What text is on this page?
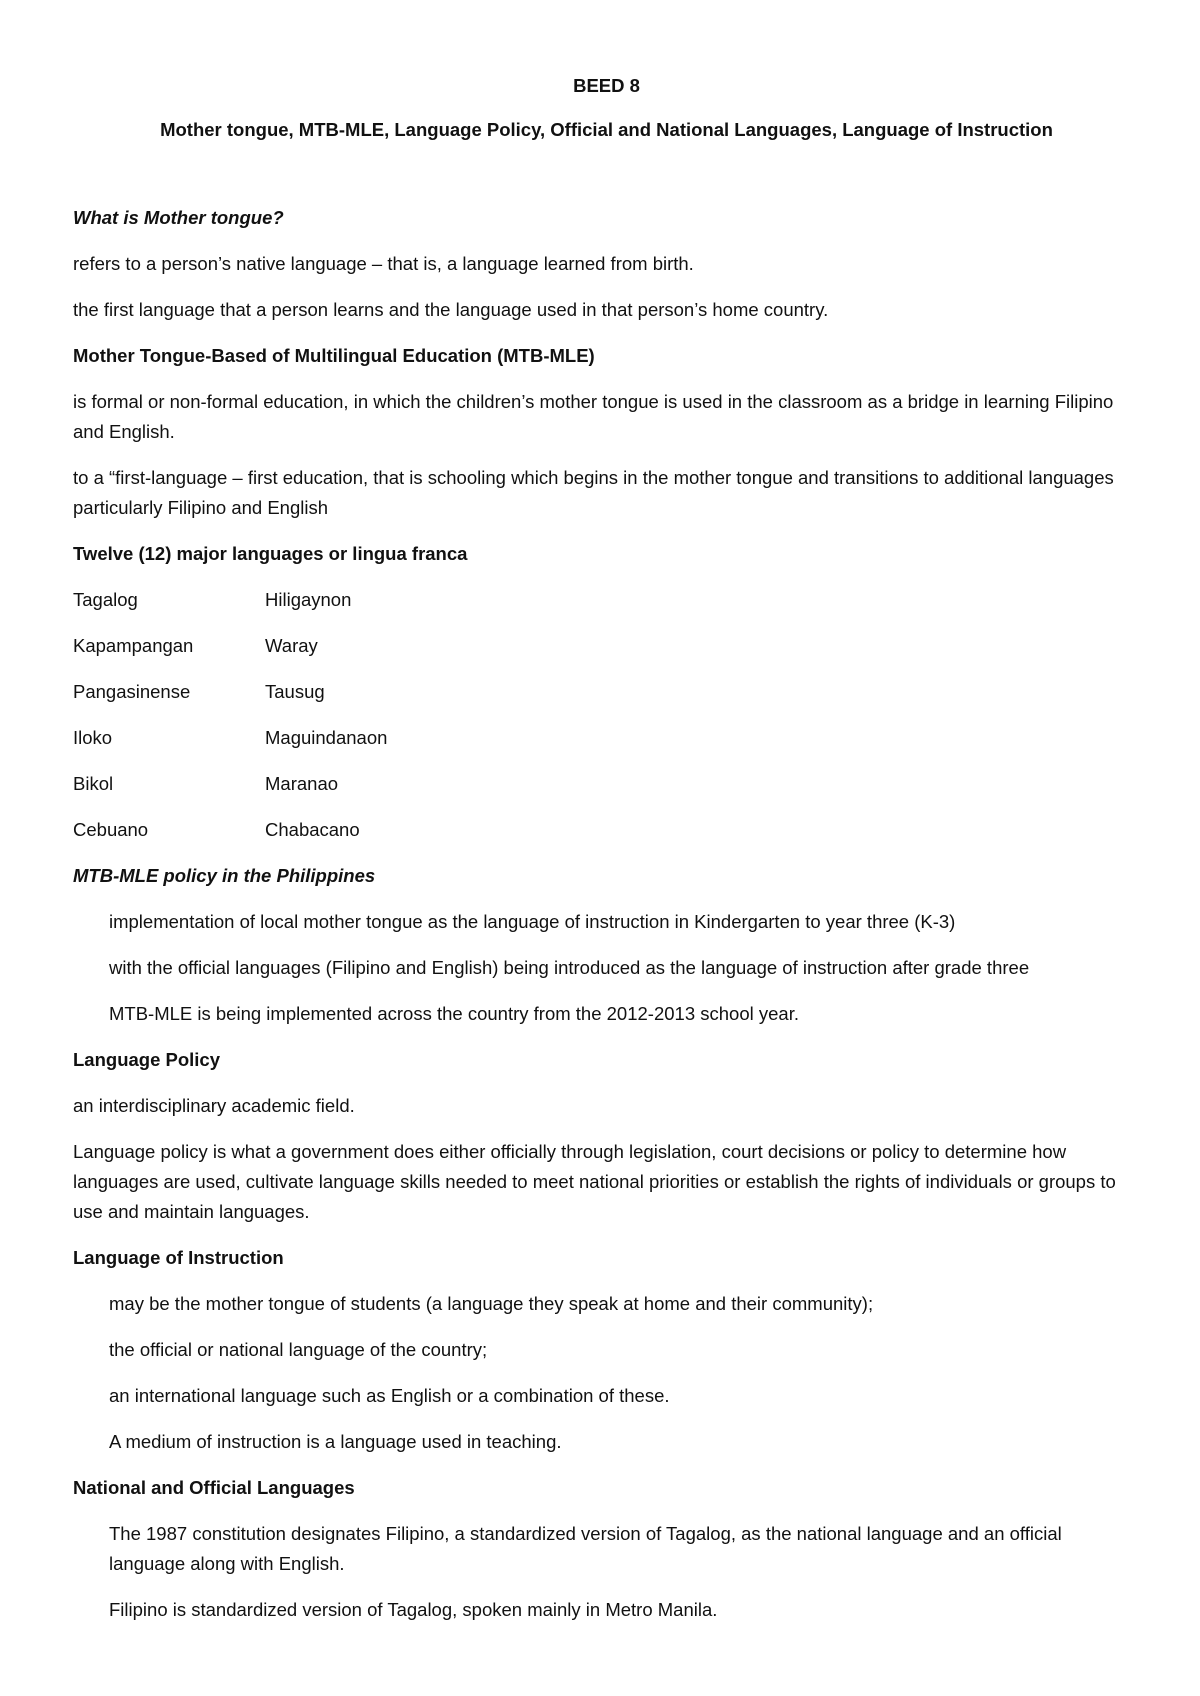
BEED 8

Mother tongue, MTB-MLE, Language Policy, Official and National Languages, Language of Instruction

What is Mother tongue?

refers to a person’s native language – that is, a language learned from birth.

the first language that a person learns and the language used in that person’s home country.

Mother Tongue-Based of Multilingual Education (MTB-MLE)

is formal or non-formal education, in which the children’s mother tongue is used in the classroom as a bridge in learning Filipino and English.

to a “first-language – first education, that is schooling which begins in the mother tongue and transitions to additional languages particularly Filipino and English

Twelve (12) major languages or lingua franca
Tagalog	Hiligaynon
Kapampangan	Waray
Pangasinense	Tausug
Iloko	Maguindanaon
Bikol	Maranao
Cebuano	Chabacano
MTB-MLE policy in the Philippines

implementation of local mother tongue as the language of instruction in Kindergarten to year three (K-3)

with the official languages (Filipino and English) being introduced as the language of instruction after grade three

MTB-MLE is being implemented across the country from the 2012-2013 school year.

Language Policy

an interdisciplinary academic field.

Language policy is what a government does either officially through legislation, court decisions or policy to determine how languages are used, cultivate language skills needed to meet national priorities or establish the rights of individuals or groups to use and maintain languages.

Language of Instruction

may be the mother tongue of students (a language they speak at home and their community);

the official or national language of the country;

an international language such as English or a combination of these.

A medium of instruction is a language used in teaching.

National and Official Languages

The 1987 constitution designates Filipino, a standardized version of Tagalog, as the national language and an official language along with English.

Filipino is standardized version of Tagalog, spoken mainly in Metro Manila.
